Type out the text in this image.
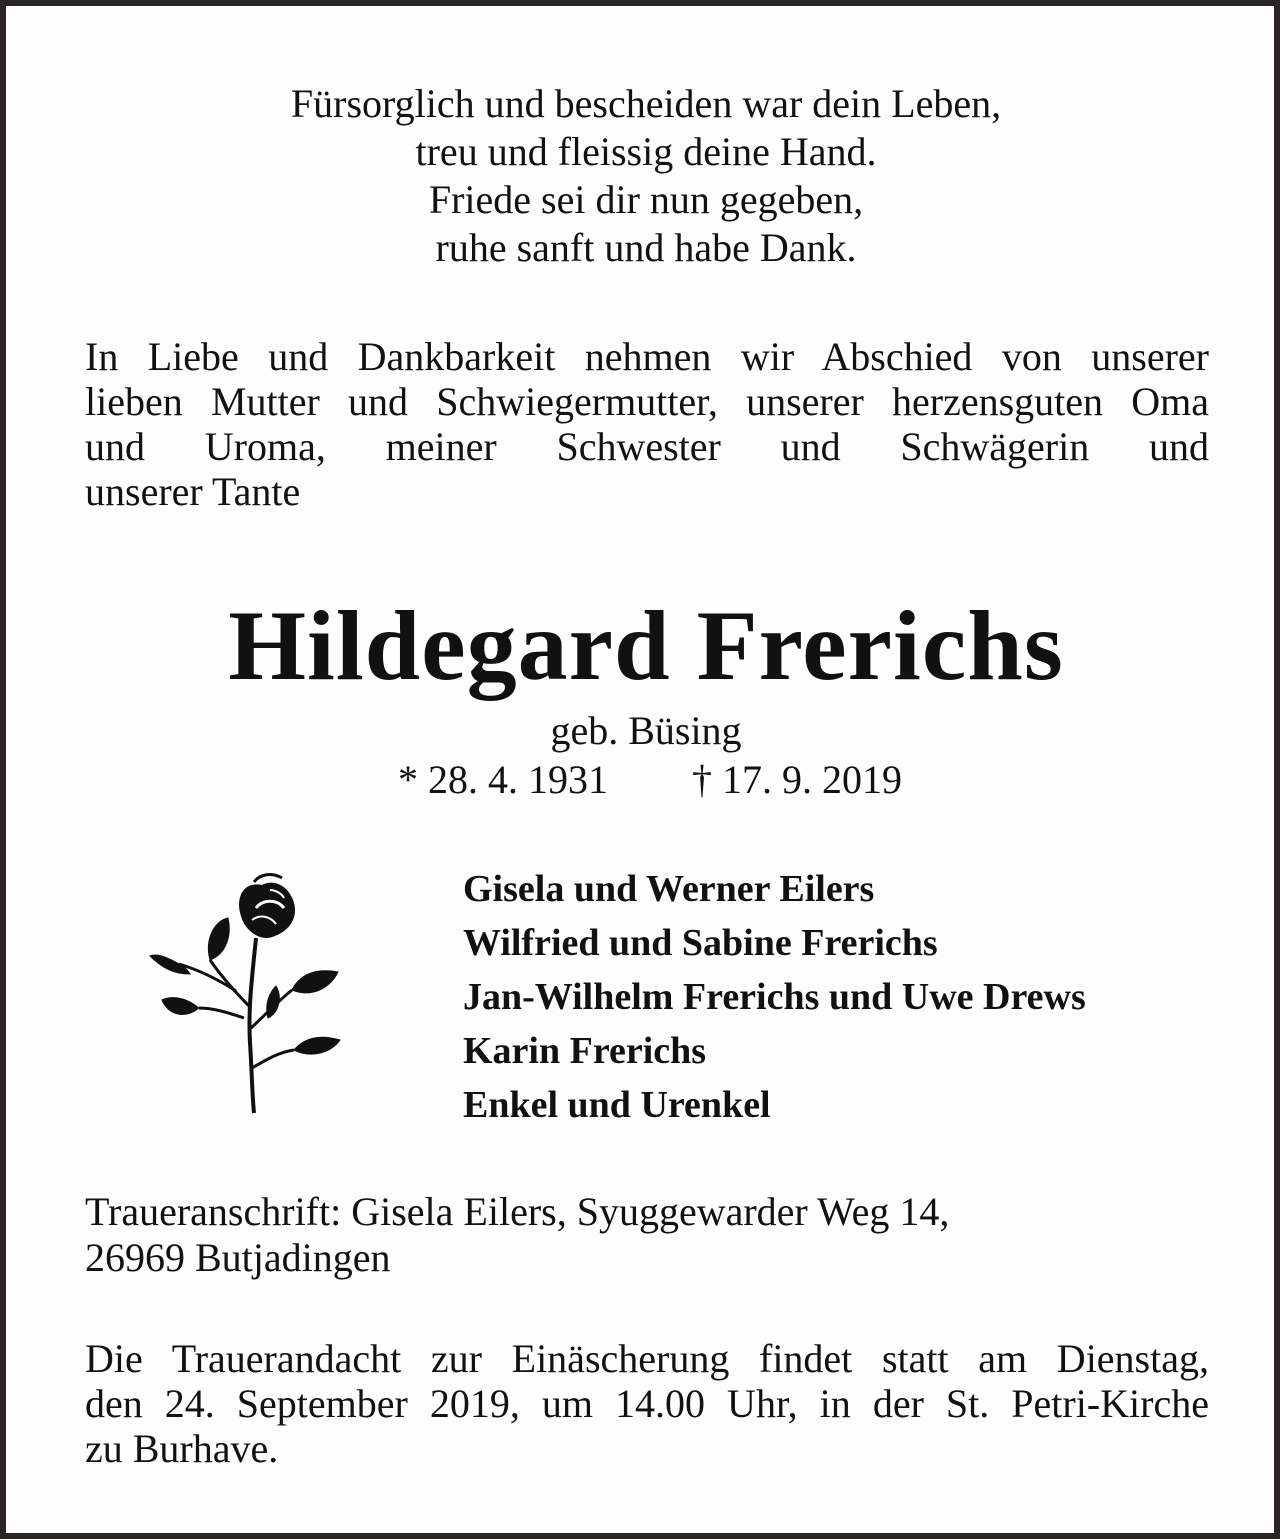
Fürsorglich und bescheiden war dein Leben,
treu und fleissig deine Hand.
Friede sei dir nun gegeben,
ruhe sanft und habe Dank.
In Liebe und Dankbarkeit nehmen wir Abschied von unserer
lieben Mutter und Schwiegermutter, unserer herzensguten Oma
und Uroma, meiner Schwester und Schwägerin und
unserer Tante
Hildegard Frerichs
geb. Büsing
* 28. 4. 1931 † 17. 9. 2019
Gisela und Werner Eilers
Wilfried und Sabine Frerichs
Jan-Wilhelm Frerichs und Uwe Drews
Karin Frerichs
Enkel und Urenkel
Traueranschrift: Gisela Eilers, Syuggewarder Weg 14,
26969 Butjadingen
Die Trauerandacht zur Einäscherung findet statt am Dienstag,
den 24. September 2019, um 14.00 Uhr, in der St. Petri-Kirche
zu Burhave.
